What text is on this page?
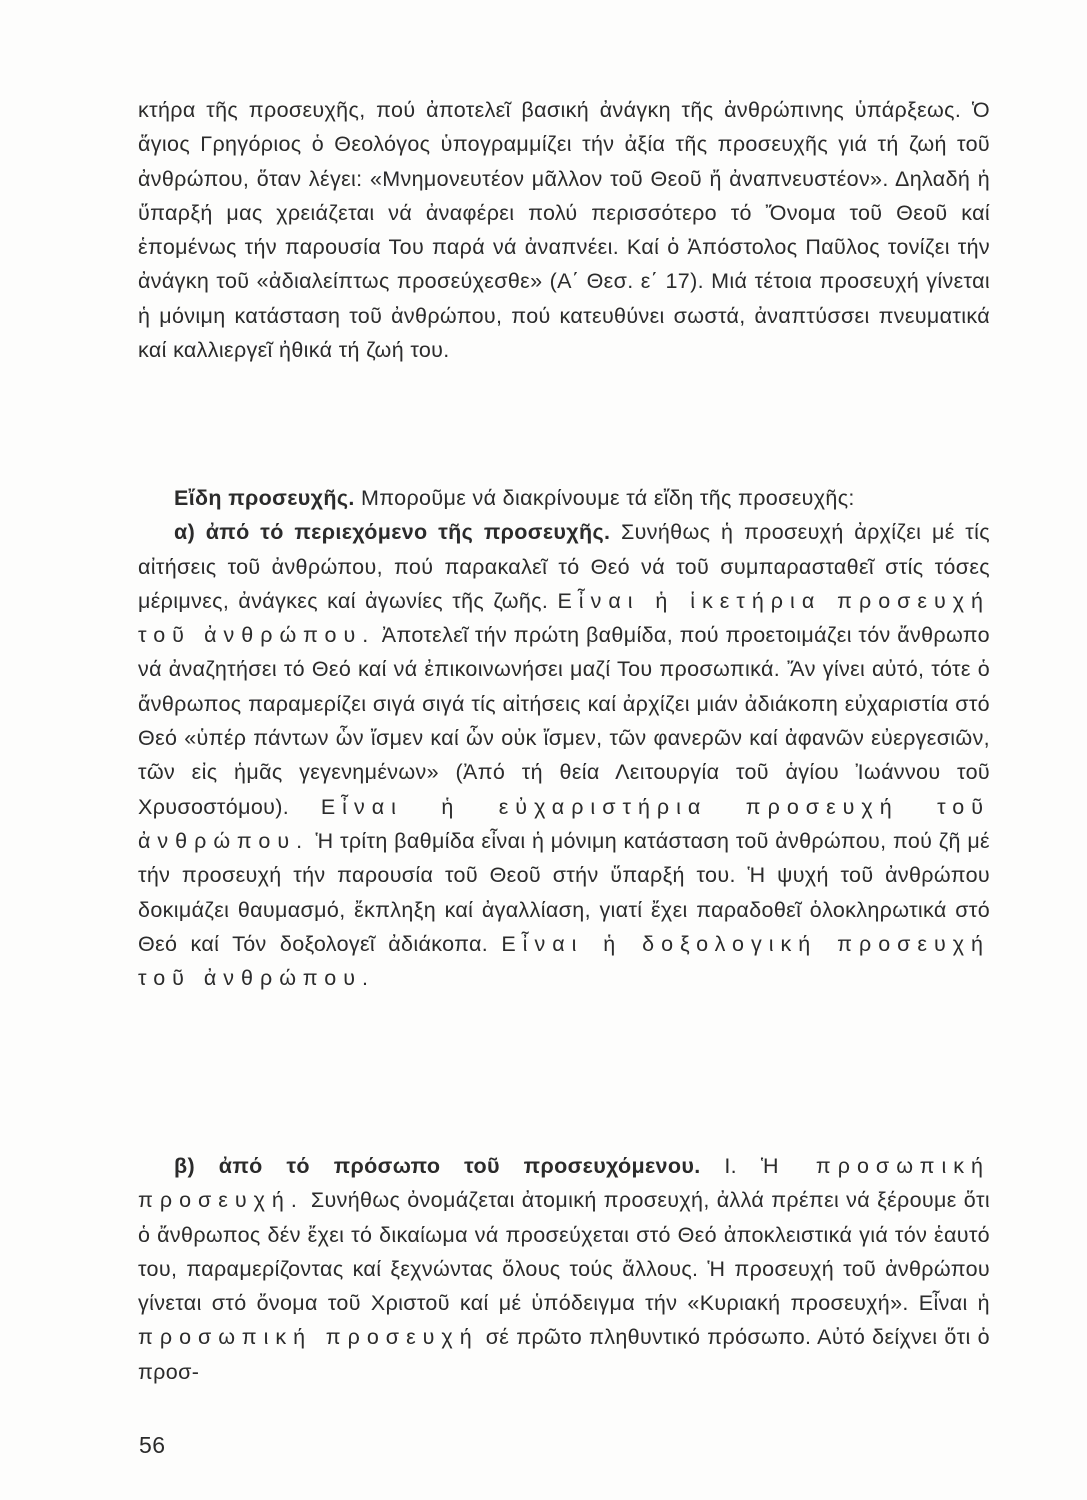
κτήρα τῆς προσευχῆς, πού ἀποτελεῖ βασική ἀνάγκη τῆς ἀνθρώπινης ὑπάρξεως. Ὁ ἅγιος Γρηγόριος ὁ Θεολόγος ὑπογραμμίζει τήν ἀξία τῆς προσευχῆς γιά τή ζωή τοῦ ἀνθρώπου, ὅταν λέγει: «Μνημονευτέον μᾶλλον τοῦ Θεοῦ ἤ ἀναπνευστέον». Δηλαδή ἡ ὕπαρξή μας χρειάζεται νά ἀναφέρει πολύ περισσότερο τό Ὄνομα τοῦ Θεοῦ καί ἑπομένως τήν παρουσία Του παρά νά ἀναπνέει. Καί ὁ Ἀπόστολος Παῦλος τονίζει τήν ἀνάγκη τοῦ «ἀδιαλείπτως προσεύχεσθε» (Α΄ Θεσ. ε΄ 17). Μιά τέτοια προσευχή γίνεται ἡ μόνιμη κατάσταση τοῦ ἀνθρώπου, πού κατευθύνει σωστά, ἀναπτύσσει πνευματικά καί καλλιεργεῖ ἠθικά τή ζωή του.

Εἴδη προσευχῆς. Μποροῦμε νά διακρίνουμε τά εἴδη τῆς προσευχῆς:

α) ἀπό τό περιεχόμενο τῆς προσευχῆς. Συνήθως ἡ προσευχή ἀρχίζει μέ τίς αἰτήσεις τοῦ ἀνθρώπου, πού παρακαλεῖ τό Θεό νά τοῦ συμπαρασταθεῖ στίς τόσες μέριμνες, ἀνάγκες καί ἀγωνίες τῆς ζωῆς. Εἶναι ἡ ἱκετήρια προσευχή τοῦ ἀνθρώπου. Ἀποτελεῖ τήν πρώτη βαθμίδα, πού προετοιμάζει τόν ἄνθρωπο νά ἀναζητήσει τό Θεό καί νά ἐπικοινωνήσει μαζί Του προσωπικά. Ἄν γίνει αὐτό, τότε ὁ ἄνθρωπος παραμερίζει σιγά σιγά τίς αἰτήσεις καί ἀρχίζει μιάν ἀδιάκοπη εὐχαριστία στό Θεό «ὑπέρ πάντων ὧν ἴσμεν καί ὧν οὐκ ἴσμεν, τῶν φανερῶν καί ἀφανῶν εὐεργεσιῶν, τῶν εἰς ἡμᾶς γεγενημένων» (Ἀπό τή θεία Λειτουργία τοῦ ἁγίου Ἰωάννου τοῦ Χρυσοστόμου). Εἶναι ἡ εὐχαριστήρια προσευχή τοῦ ἀνθρώπου. Ἡ τρίτη βαθμίδα εἶναι ἡ μόνιμη κατάσταση τοῦ ἀνθρώπου, πού ζῆ μέ τήν προσευχή τήν παρουσία τοῦ Θεοῦ στήν ὕπαρξή του. Ἡ ψυχή τοῦ ἀνθρώπου δοκιμάζει θαυμασμό, ἔκπληξη καί ἀγαλλίαση, γιατί ἔχει παραδοθεῖ ὁλοκληρωτικά στό Θεό καί Τόν δοξολογεῖ ἀδιάκοπα. Εἶναι ἡ δοξολογική προσευχή τοῦ ἀνθρώπου.

β) ἀπό τό πρόσωπο τοῦ προσευχόμενου. Ι. Ἡ προσωπική προσευχή. Συνήθως ὀνομάζεται ἀτομική προσευχή, ἀλλά πρέπει νά ξέρουμε ὅτι ὁ ἄνθρωπος δέν ἔχει τό δικαίωμα νά προσεύχεται στό Θεό ἀποκλειστικά γιά τόν ἑαυτό του, παραμερίζοντας καί ξεχνώντας ὅλους τούς ἄλλους. Ἡ προσευχή τοῦ ἀνθρώπου γίνεται στό ὄνομα τοῦ Χριστοῦ καί μέ ὑπόδειγμα τήν «Κυριακή προσευχή». Εἶναι ἡ προσωπική προσευχή σέ πρῶτο πληθυντικό πρόσωπο. Αὐτό δείχνει ὅτι ὁ προσ-

56
